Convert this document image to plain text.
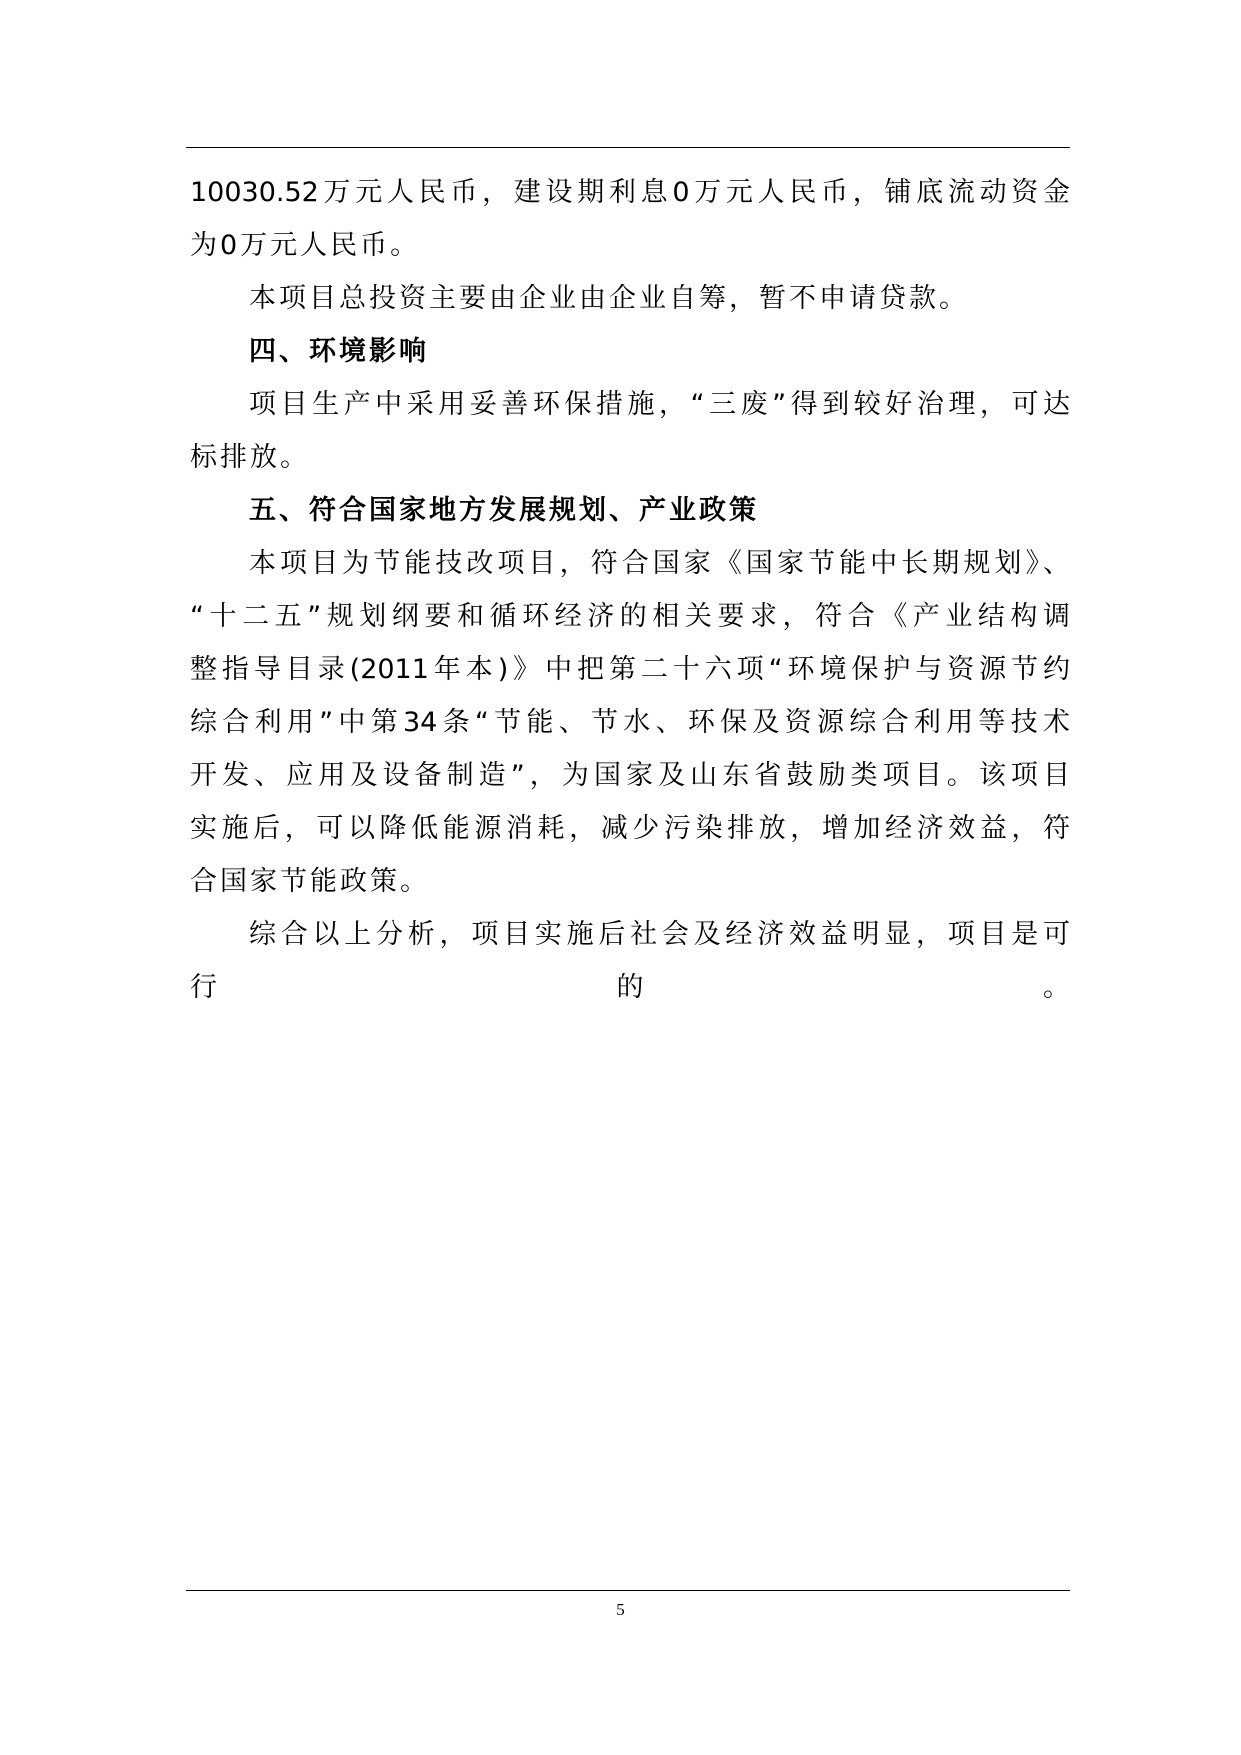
10030.52万元人民币，建设期利息0万元人民币，铺底流动资金
为0万元人民币。
本项目总投资主要由企业由企业自筹，暂不申请贷款。
四、环境影响
项目生产中采用妥善环保措施，“三废”得到较好治理，可达
标排放。
五、符合国家地方发展规划、产业政策
本项目为节能技改项目，符合国家《国家节能中长期规划》、
“十二五”规划纲要和循环经济的相关要求，符合《产业结构调
整指导目录(2011年本)》中把第二十六项“环境保护与资源节约
综合利用”中第34条“节能、节水、环保及资源综合利用等技术
开发、应用及设备制造”，为国家及山东省鼓励类项目。该项目
实施后，可以降低能源消耗，减少污染排放，增加经济效益，符
合国家节能政策。
综合以上分析，项目实施后社会及经济效益明显，项目是可
行	的	。
5
